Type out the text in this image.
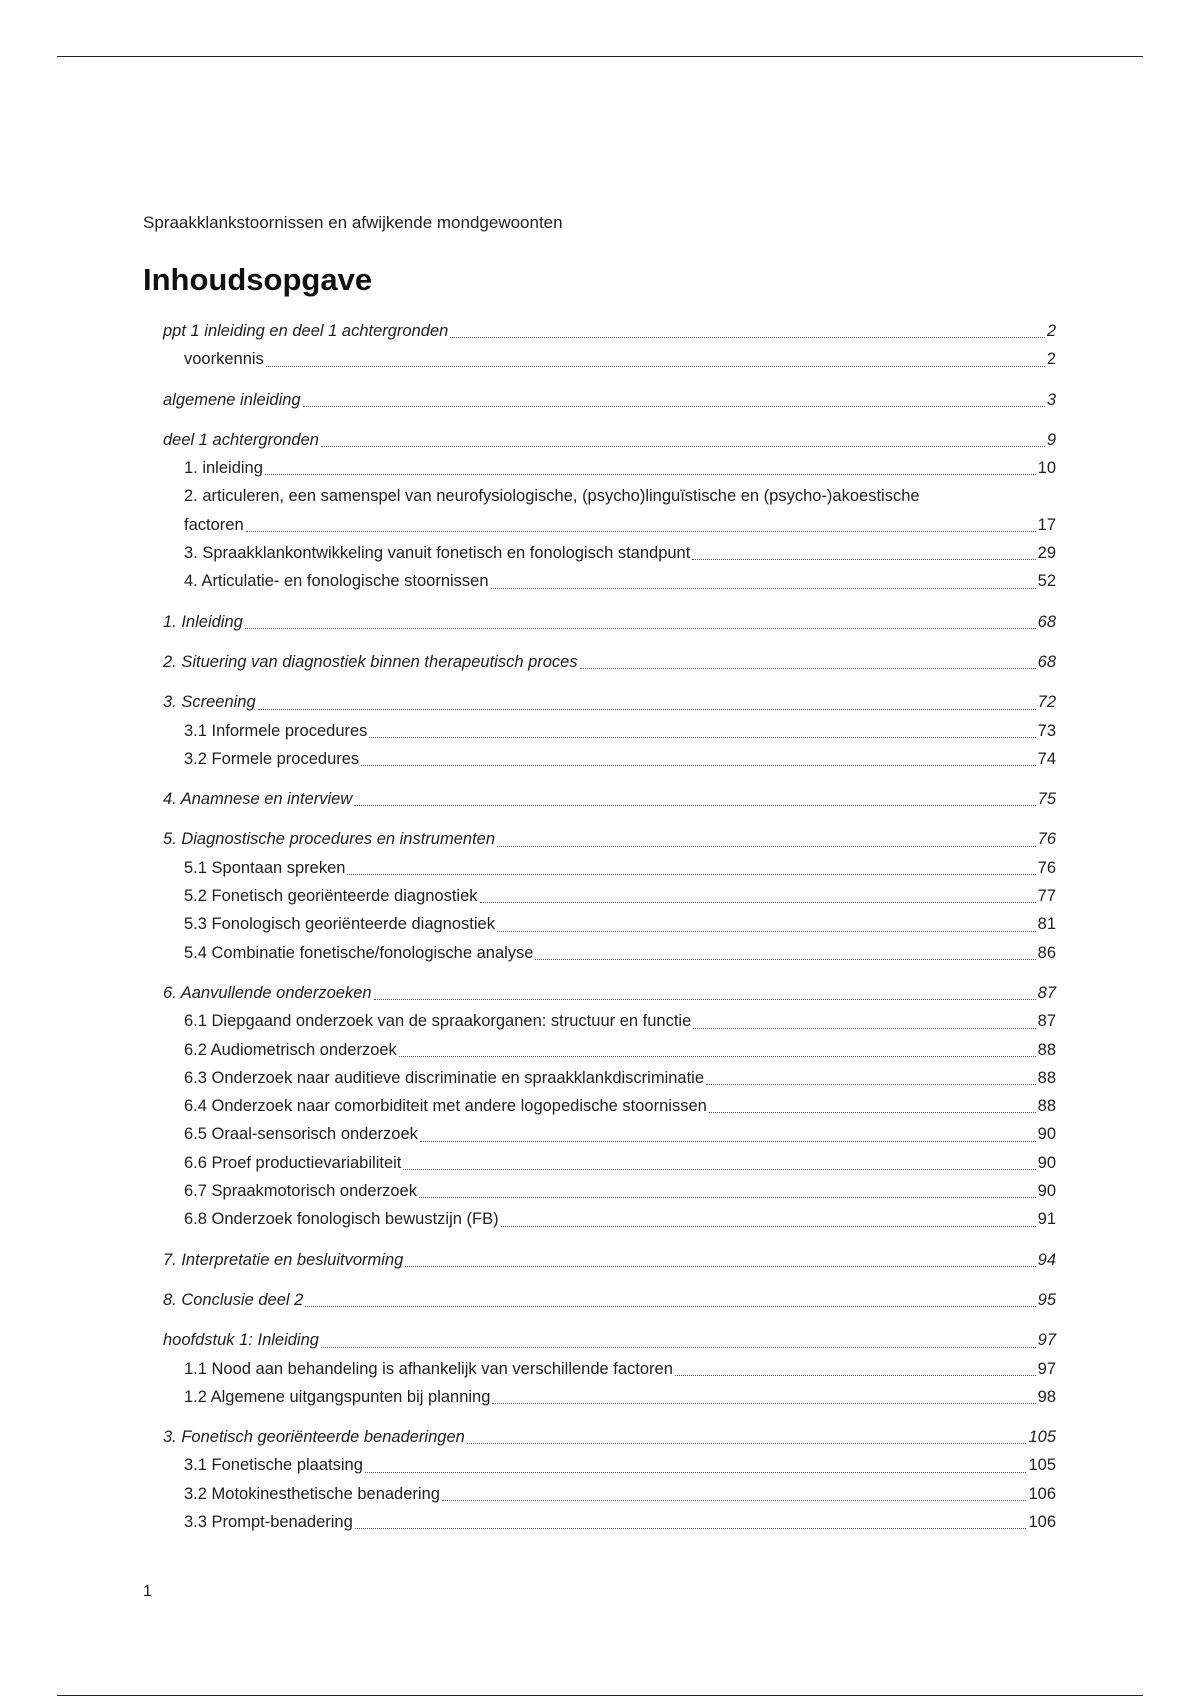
Spraakklankstoornissen en afwijkende mondgewoonten
Inhoudsopgave
ppt 1 inleiding en deel 1 achtergronden	2
voorkennis	2
algemene inleiding	3
deel 1 achtergronden	9
1. inleiding	10
2. articuleren, een samenspel van neurofysiologische, (psycho)linguïstische en (psycho-)akoestische
factoren	17
3. Spraakklankontwikkeling vanuit fonetisch en fonologisch standpunt	29
4. Articulatie- en fonologische stoornissen	52
1. Inleiding	68
2. Situering van diagnostiek binnen therapeutisch proces	68
3. Screening	72
3.1 Informele procedures	73
3.2 Formele procedures	74
4. Anamnese en interview	75
5. Diagnostische procedures en instrumenten	76
5.1 Spontaan spreken	76
5.2 Fonetisch georiënteerde diagnostiek	77
5.3 Fonologisch georiënteerde diagnostiek	81
5.4 Combinatie fonetische/fonologische analyse	86
6. Aanvullende onderzoeken	87
6.1 Diepgaand onderzoek van de spraakorganen: structuur en functie	87
6.2 Audiometrisch onderzoek	88
6.3 Onderzoek naar auditieve discriminatie en spraakklankdiscriminatie	88
6.4 Onderzoek naar comorbiditeit met andere logopedische stoornissen	88
6.5 Oraal-sensorisch onderzoek	90
6.6 Proef productievariabiliteit	90
6.7 Spraakmotorisch onderzoek	90
6.8 Onderzoek fonologisch bewustzijn (FB)	91
7. Interpretatie en besluitvorming	94
8. Conclusie deel 2	95
hoofdstuk 1: Inleiding	97
1.1 Nood aan behandeling is afhankelijk van verschillende factoren	97
1.2 Algemene uitgangspunten bij planning	98
3. Fonetisch georiënteerde benaderingen	105
3.1 Fonetische plaatsing	105
3.2 Motokinesthetische benadering	106
3.3 Prompt-benadering	106
1
